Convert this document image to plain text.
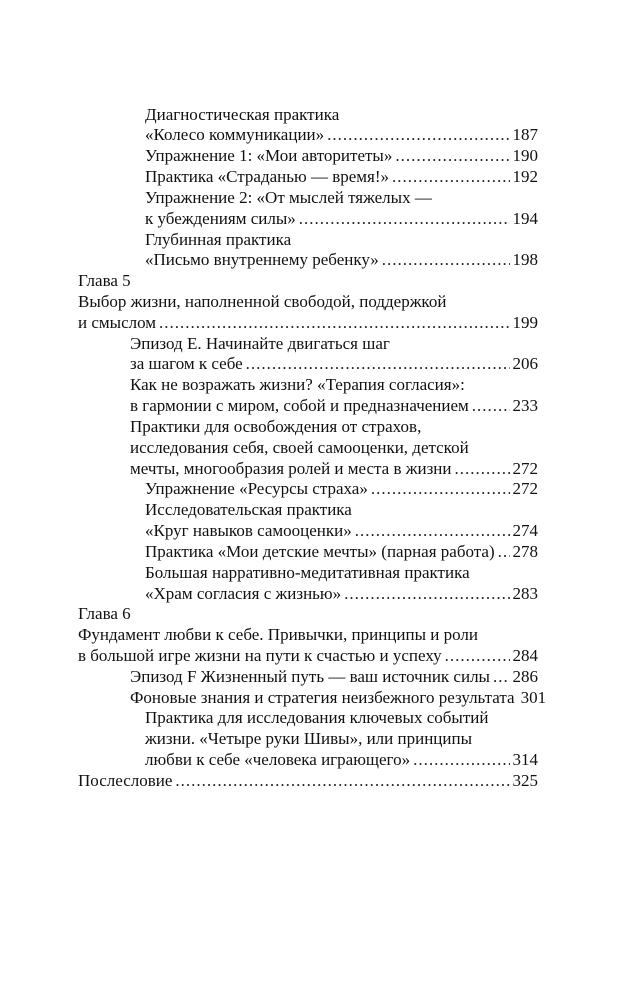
Диагностическая практика
«Колесо коммуникации» .....	187
Упражнение 1: «Мои авторитеты» .....	190
Практика «Страданью — время!» .....	192
Упражнение 2: «От мыслей тяжелых —
к убеждениям силы» .....	194
Глубинная практика
«Письмо внутреннему ребенку» .....	198
Глава 5
Выбор жизни, наполненной свободой, поддержкой
и смыслом .....	199
Эпизод E. Начинайте двигаться шаг
за шагом к себе .....	206
Как не возражать жизни? «Терапия согласия»:
в гармонии с миром, собой и предназначением .....	233
Практики для освобождения от страхов,
исследования себя, своей самооценки, детской
мечты, многообразия ролей и места в жизни .....	272
Упражнение «Ресурсы страха» .....	272
Исследовательская практика
«Круг навыков самооценки» .....	274
Практика «Мои детские мечты» (парная работа) ..... 278
Большая нарративно-медитативная практика
«Храм согласия с жизнью» .....	283
Глава 6
Фундамент любви к себе. Привычки, принципы и роли
в большой игре жизни на пути к счастью и успеху .....	284
Эпизод F Жизненный путь — ваш источник силы ..... 286
Фоновые знания и стратегия неизбежного результата 301
Практика для исследования ключевых событий
жизни. «Четыре руки Шивы», или принципы
любви к себе «человека играющего» .....	314
Послесловие .....	325
